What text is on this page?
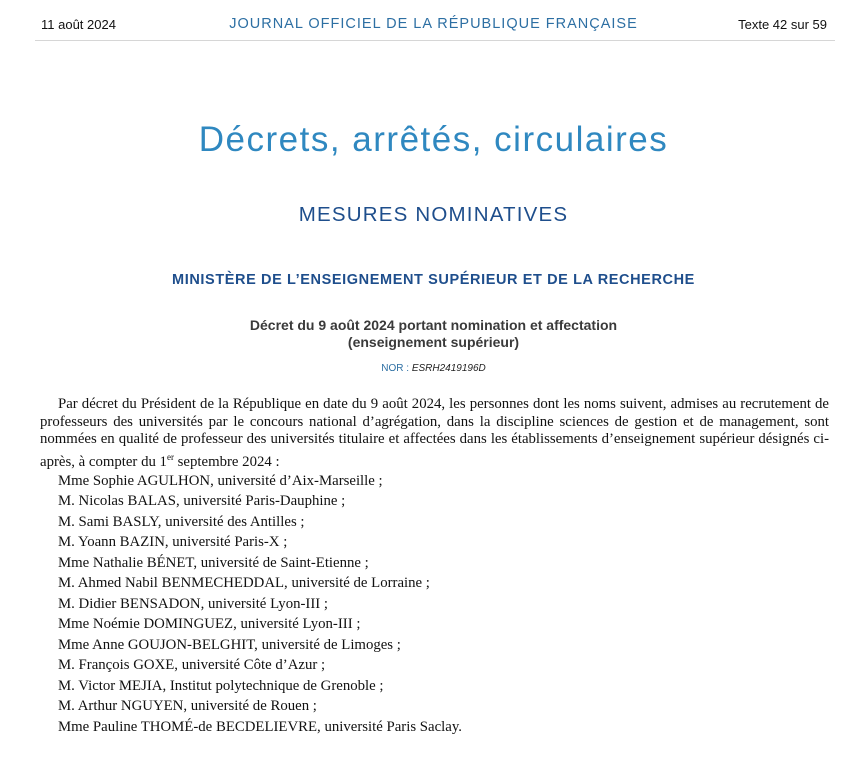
11 août 2024	JOURNAL OFFICIEL DE LA RÉPUBLIQUE FRANÇAISE	Texte 42 sur 59
Décrets, arrêtés, circulaires
MESURES NOMINATIVES
MINISTÈRE DE L’ENSEIGNEMENT SUPÉRIEUR ET DE LA RECHERCHE
Décret du 9 août 2024 portant nomination et affectation
(enseignement supérieur)
NOR : ESRH2419196D

Par décret du Président de la République en date du 9 août 2024, les personnes dont les noms suivent, admises au recrutement de professeurs des universités par le concours national d’agrégation, dans la discipline sciences de gestion et de management, sont nommées en qualité de professeur des universités titulaire et affectées dans les établissements d’enseignement supérieur désignés ci-après, à compter du 1er septembre 2024 :

Mme Sophie AGULHON, université d’Aix-Marseille ;
M. Nicolas BALAS, université Paris-Dauphine ;
M. Sami BASLY, université des Antilles ;
M. Yoann BAZIN, université Paris-X ;
Mme Nathalie BÉNET, université de Saint-Etienne ;
M. Ahmed Nabil BENMECHEDDAL, université de Lorraine ;
M. Didier BENSADON, université Lyon-III ;
Mme Noémie DOMINGUEZ, université Lyon-III ;
Mme Anne GOUJON-BELGHIT, université de Limoges ;
M. François GOXE, université Côte d’Azur ;
M. Victor MEJIA, Institut polytechnique de Grenoble ;
M. Arthur NGUYEN, université de Rouen ;
Mme Pauline THOMÉ-de BECDELIEVRE, université Paris Saclay.
